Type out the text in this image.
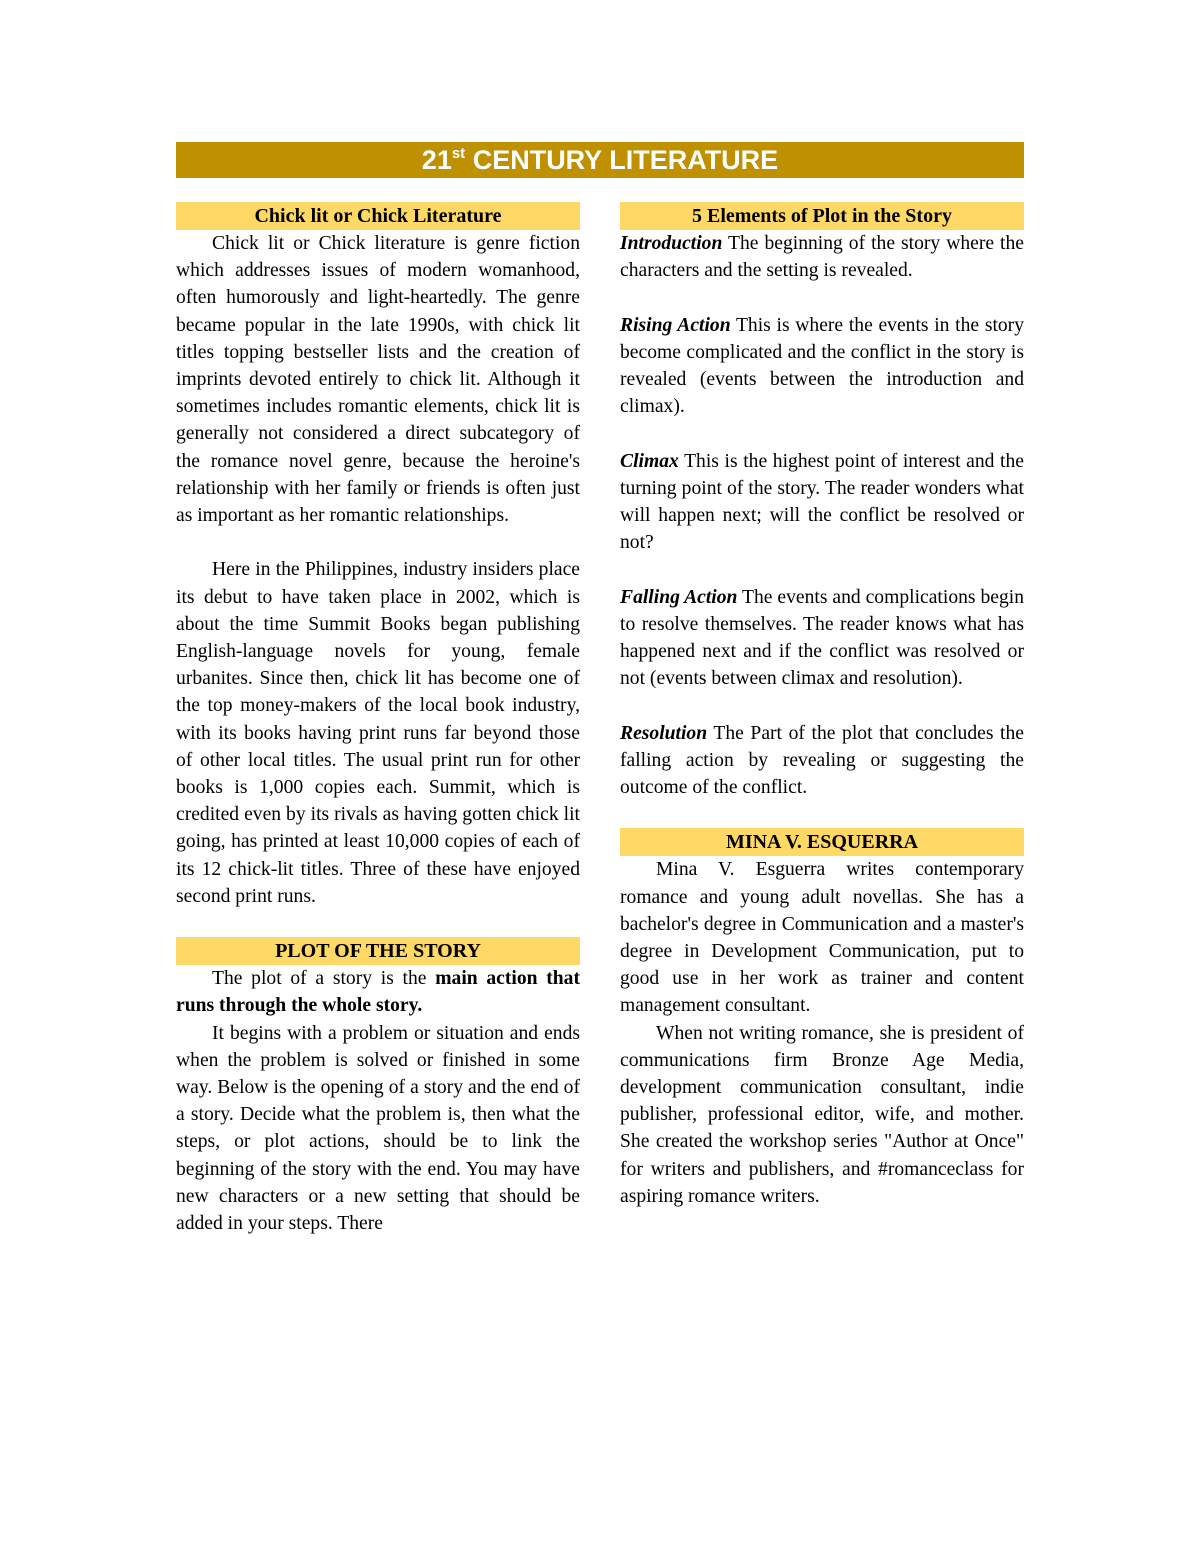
21st CENTURY LITERATURE
Chick lit or Chick Literature

Chick lit or Chick literature is genre fiction which addresses issues of modern womanhood, often humorously and light-heartedly. The genre became popular in the late 1990s, with chick lit titles topping bestseller lists and the creation of imprints devoted entirely to chick lit. Although it sometimes includes romantic elements, chick lit is generally not considered a direct subcategory of the romance novel genre, because the heroine's relationship with her family or friends is often just as important as her romantic relationships.

Here in the Philippines, industry insiders place its debut to have taken place in 2002, which is about the time Summit Books began publishing English-language novels for young, female urbanites. Since then, chick lit has become one of the top money-makers of the local book industry, with its books having print runs far beyond those of other local titles. The usual print run for other books is 1,000 copies each. Summit, which is credited even by its rivals as having gotten chick lit going, has printed at least 10,000 copies of each of its 12 chick-lit titles. Three of these have enjoyed second print runs.

PLOT OF THE STORY

The plot of a story is the main action that runs through the whole story.

It begins with a problem or situation and ends when the problem is solved or finished in some way. Below is the opening of a story and the end of a story. Decide what the problem is, then what the steps, or plot actions, should be to link the beginning of the story with the end. You may have new characters or a new setting that should be added in your steps. There

5 Elements of Plot in the Story

Introduction The beginning of the story where the characters and the setting is revealed.

Rising Action This is where the events in the story become complicated and the conflict in the story is revealed (events between the introduction and climax).

Climax This is the highest point of interest and the turning point of the story. The reader wonders what will happen next; will the conflict be resolved or not?

Falling Action The events and complications begin to resolve themselves. The reader knows what has happened next and if the conflict was resolved or not (events between climax and resolution).

Resolution The Part of the plot that concludes the falling action by revealing or suggesting the outcome of the conflict.

MINA V. ESQUERRA

Mina V. Esguerra writes contemporary romance and young adult novellas. She has a bachelor's degree in Communication and a master's degree in Development Communication, put to good use in her work as trainer and content management consultant.

When not writing romance, she is president of communications firm Bronze Age Media, development communication consultant, indie publisher, professional editor, wife, and mother. She created the workshop series "Author at Once" for writers and publishers, and #romanceclass for aspiring romance writers.
